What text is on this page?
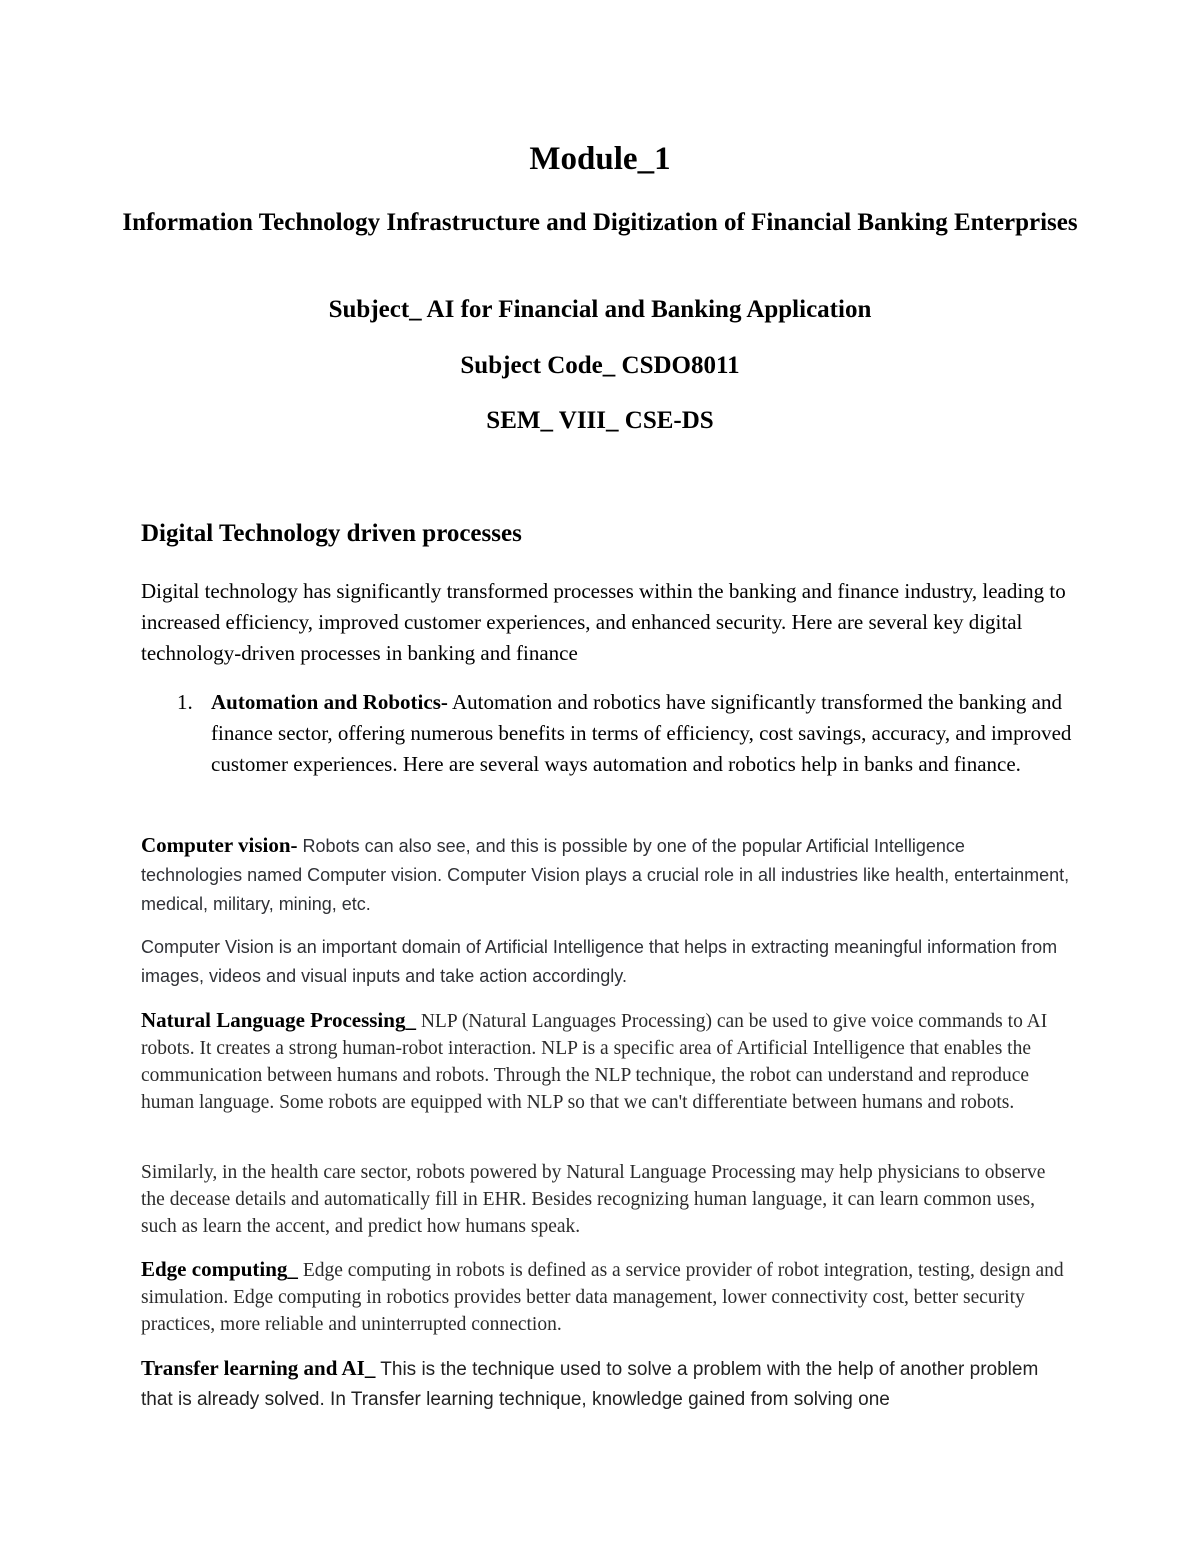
Module_1
Information Technology Infrastructure and Digitization of Financial Banking Enterprises
Subject_ AI for Financial and Banking Application
Subject Code_ CSDO8011
SEM_ VIII_ CSE-DS
Digital Technology driven processes

Digital technology has significantly transformed processes within the banking and finance industry, leading to increased efficiency, improved customer experiences, and enhanced security. Here are several key digital technology-driven processes in banking and finance

1. Automation and Robotics- Automation and robotics have significantly transformed the banking and finance sector, offering numerous benefits in terms of efficiency, cost savings, accuracy, and improved customer experiences. Here are several ways automation and robotics help in banks and finance.

Computer vision- Robots can also see, and this is possible by one of the popular Artificial Intelligence technologies named Computer vision. Computer Vision plays a crucial role in all industries like health, entertainment, medical, military, mining, etc.

Computer Vision is an important domain of Artificial Intelligence that helps in extracting meaningful information from images, videos and visual inputs and take action accordingly.

Natural Language Processing_ NLP (Natural Languages Processing) can be used to give voice commands to AI robots. It creates a strong human-robot interaction. NLP is a specific area of Artificial Intelligence that enables the communication between humans and robots. Through the NLP technique, the robot can understand and reproduce human language. Some robots are equipped with NLP so that we can't differentiate between humans and robots.

Similarly, in the health care sector, robots powered by Natural Language Processing may help physicians to observe the decease details and automatically fill in EHR. Besides recognizing human language, it can learn common uses, such as learn the accent, and predict how humans speak.

Edge computing_ Edge computing in robots is defined as a service provider of robot integration, testing, design and simulation. Edge computing in robotics provides better data management, lower connectivity cost, better security practices, more reliable and uninterrupted connection.

Transfer learning and AI_ This is the technique used to solve a problem with the help of another problem that is already solved. In Transfer learning technique, knowledge gained from solving one
